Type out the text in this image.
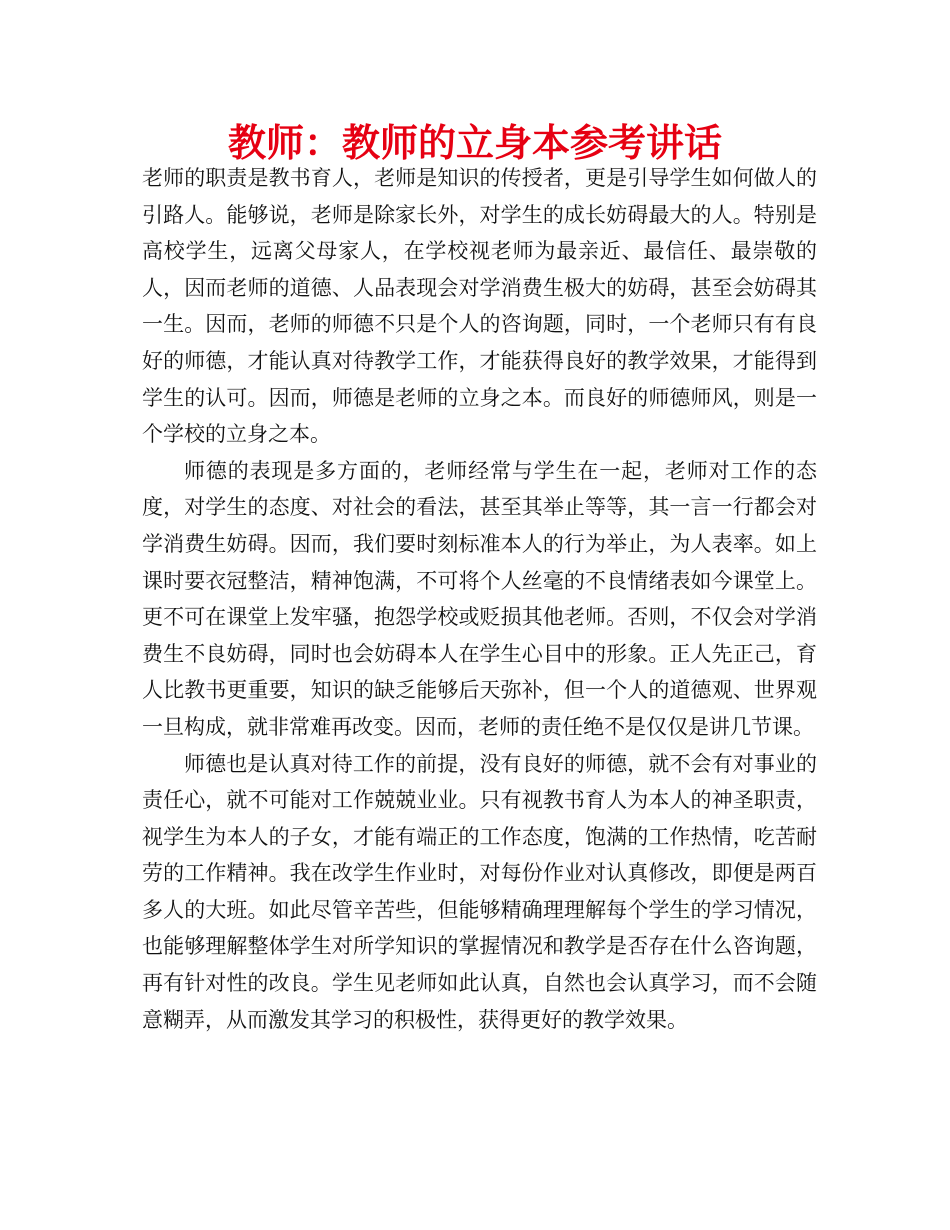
教师：教师的立身本参考讲话

老师的职责是教书育人，老师是知识的传授者，更是引导学生如何做人的引路人。能够说，老师是除家长外，对学生的成长妨碍最大的人。特别是高校学生，远离父母家人，在学校视老师为最亲近、最信任、最崇敬的人，因而老师的道德、人品表现会对学消费生极大的妨碍，甚至会妨碍其一生。因而，老师的师德不只是个人的咨询题，同时，一个老师只有有良好的师德，才能认真对待教学工作，才能获得良好的教学效果，才能得到学生的认可。因而，师德是老师的立身之本。而良好的师德师风，则是一个学校的立身之本。

师德的表现是多方面的，老师经常与学生在一起，老师对工作的态度，对学生的态度、对社会的看法，甚至其举止等等，其一言一行都会对学消费生妨碍。因而，我们要时刻标准本人的行为举止，为人表率。如上课时要衣冠整洁，精神饱满，不可将个人丝毫的不良情绪表如今课堂上。更不可在课堂上发牢骚，抱怨学校或贬损其他老师。否则，不仅会对学消费生不良妨碍，同时也会妨碍本人在学生心目中的形象。正人先正己，育人比教书更重要，知识的缺乏能够后天弥补，但一个人的道德观、世界观一旦构成，就非常难再改变。因而，老师的责任绝不是仅仅是讲几节课。

师德也是认真对待工作的前提，没有良好的师德，就不会有对事业的责任心，就不可能对工作兢兢业业。只有视教书育人为本人的神圣职责，视学生为本人的子女，才能有端正的工作态度，饱满的工作热情，吃苦耐劳的工作精神。我在改学生作业时，对每份作业对认真修改，即便是两百多人的大班。如此尽管辛苦些，但能够精确理理解每个学生的学习情况，也能够理解整体学生对所学知识的掌握情况和教学是否存在什么咨询题，再有针对性的改良。学生见老师如此认真，自然也会认真学习，而不会随意糊弄，从而激发其学习的积极性，获得更好的教学效果。
